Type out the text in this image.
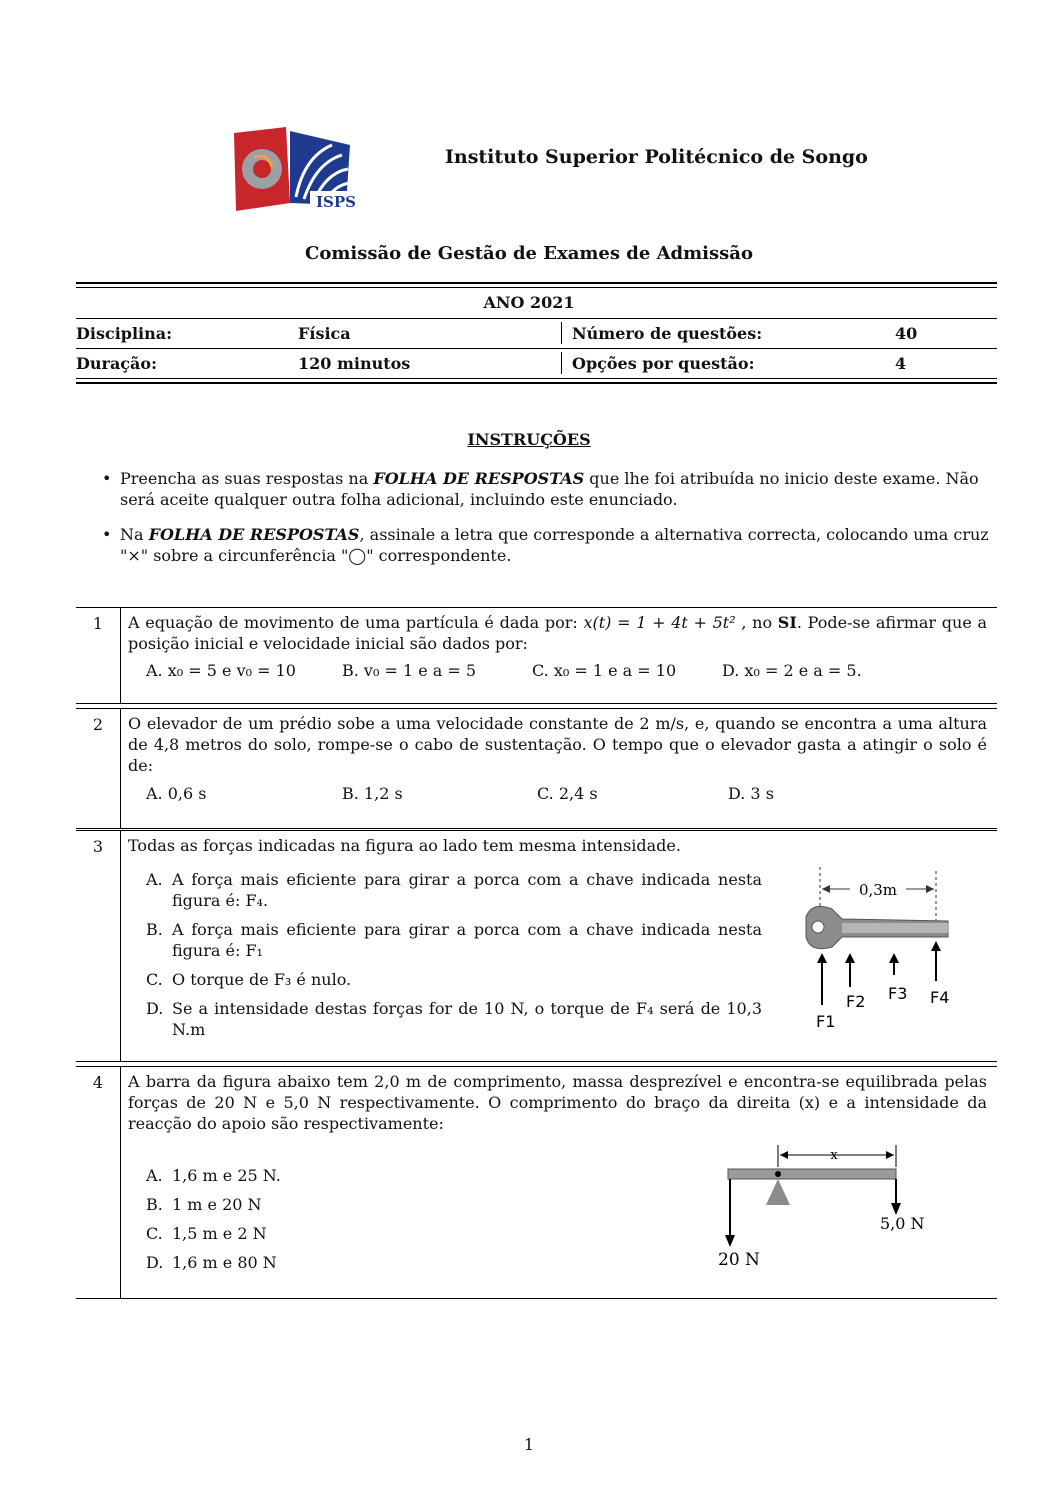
ISPS
Instituto Superior Politécnico de Songo
Comissão de Gestão de Exames de Admissão
ANO 2021
Disciplina:	Física	Número de questões:	40
Duração:	120 minutos	Opções por questão:	4
INSTRUÇÕES
• Preencha as suas respostas na FOLHA DE RESPOSTAS que lhe foi atribuída no inicio deste exame. Não será aceite qualquer outra folha adicional, incluindo este enunciado.
• Na FOLHA DE RESPOSTAS, assinale a letra que corresponde a alternativa correcta, colocando uma cruz "×" sobre a circunferência "◯" correspondente.
1	A equação de movimento de uma partícula é dada por: x(t) = 1 + 4t + 5t² , no SI. Pode-se afirmar que a posição inicial e velocidade inicial são dados por:
A. x₀ = 5 e v₀ = 10	B. v₀ = 1 e a = 5	C. x₀ = 1 e a = 10	D. x₀ = 2 e a = 5.
2	O elevador de um prédio sobe a uma velocidade constante de 2 m/s, e, quando se encontra a uma altura de 4,8 metros do solo, rompe-se o cabo de sustentação. O tempo que o elevador gasta a atingir o solo é de:
A. 0,6 s	B. 1,2 s	C. 2,4 s	D. 3 s
3	Todas as forças indicadas na figura ao lado tem mesma intensidade.
A. A força mais eficiente para girar a porca com a chave indicada nesta figura é: F₄.
B. A força mais eficiente para girar a porca com a chave indicada nesta figura é: F₁
C. O torque de F₃ é nulo.
D. Se a intensidade destas forças for de 10 N, o torque de F₄ será de 10,3 N.m
0,3m
F1
F2 F3 F4
4	A barra da figura abaixo tem 2,0 m de comprimento, massa desprezível e encontra-se equilibrada pelas forças de 20 N e 5,0 N respectivamente. O comprimento do braço da direita (x) e a intensidade da reacção do apoio são respectivamente:
A. 1,6 m e 25 N.
B. 1 m e 20 N
C. 1,5 m e 2 N
D. 1,6 m e 80 N
x
20 N
5,0 N
1
